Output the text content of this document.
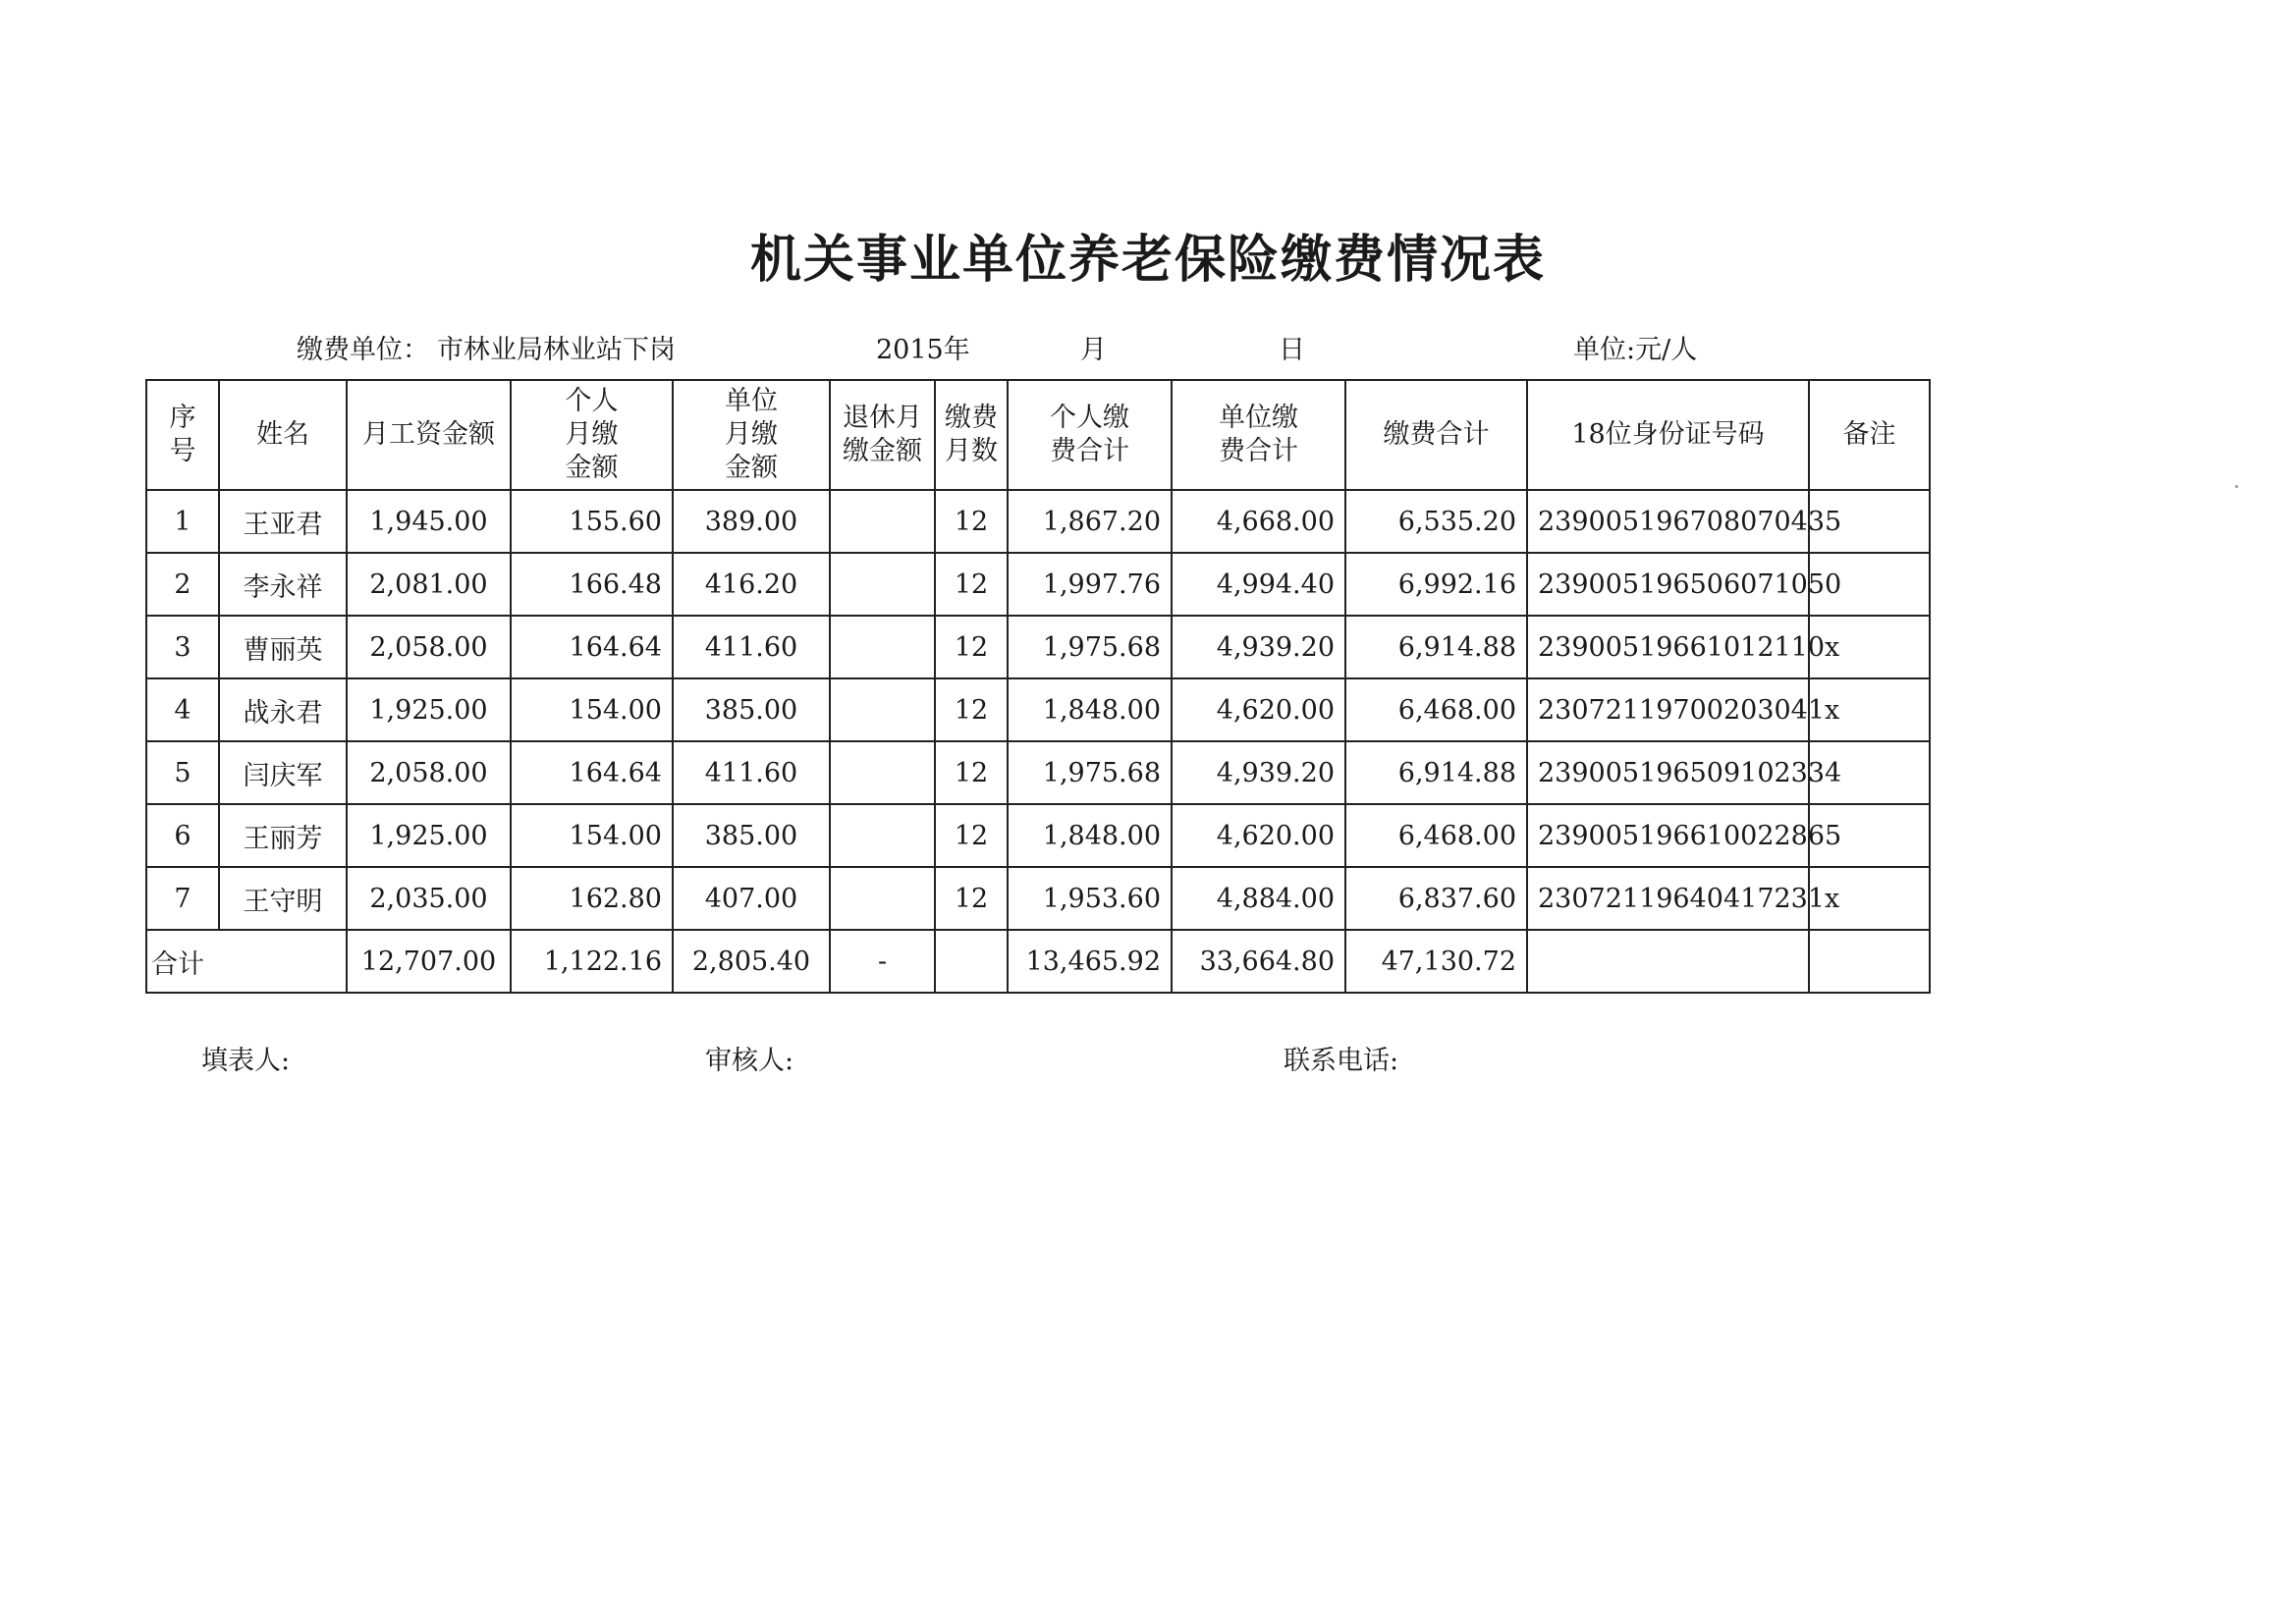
机关事业单位养老保险缴费情况表
缴费单位： 市林业局林业站下岗	2015年	月	日	单位:元/人
序号	姓名	月工资金额	个人月缴金额	单位月缴金额	退休月缴金额	缴费月数	个人缴费合计	单位缴费合计	缴费合计	18位身份证号码	备注
1	王亚君	1,945.00	155.60	389.00		12	1,867.20	4,668.00	6,535.20	239005196708070435	
2	李永祥	2,081.00	166.48	416.20		12	1,997.76	4,994.40	6,992.16	239005196506071050	
3	曹丽英	2,058.00	164.64	411.60		12	1,975.68	4,939.20	6,914.88	23900519661012110x	
4	战永君	1,925.00	154.00	385.00		12	1,848.00	4,620.00	6,468.00	23072119700203041x	
5	闫庆军	2,058.00	164.64	411.60		12	1,975.68	4,939.20	6,914.88	239005196509102334	
6	王丽芳	1,925.00	154.00	385.00		12	1,848.00	4,620.00	6,468.00	239005196610022865	
7	王守明	2,035.00	162.80	407.00		12	1,953.60	4,884.00	6,837.60	23072119640417231x	
合计		12,707.00	1,122.16	2,805.40	-		13,465.92	33,664.80	47,130.72		
填表人:	审核人:	联系电话:
